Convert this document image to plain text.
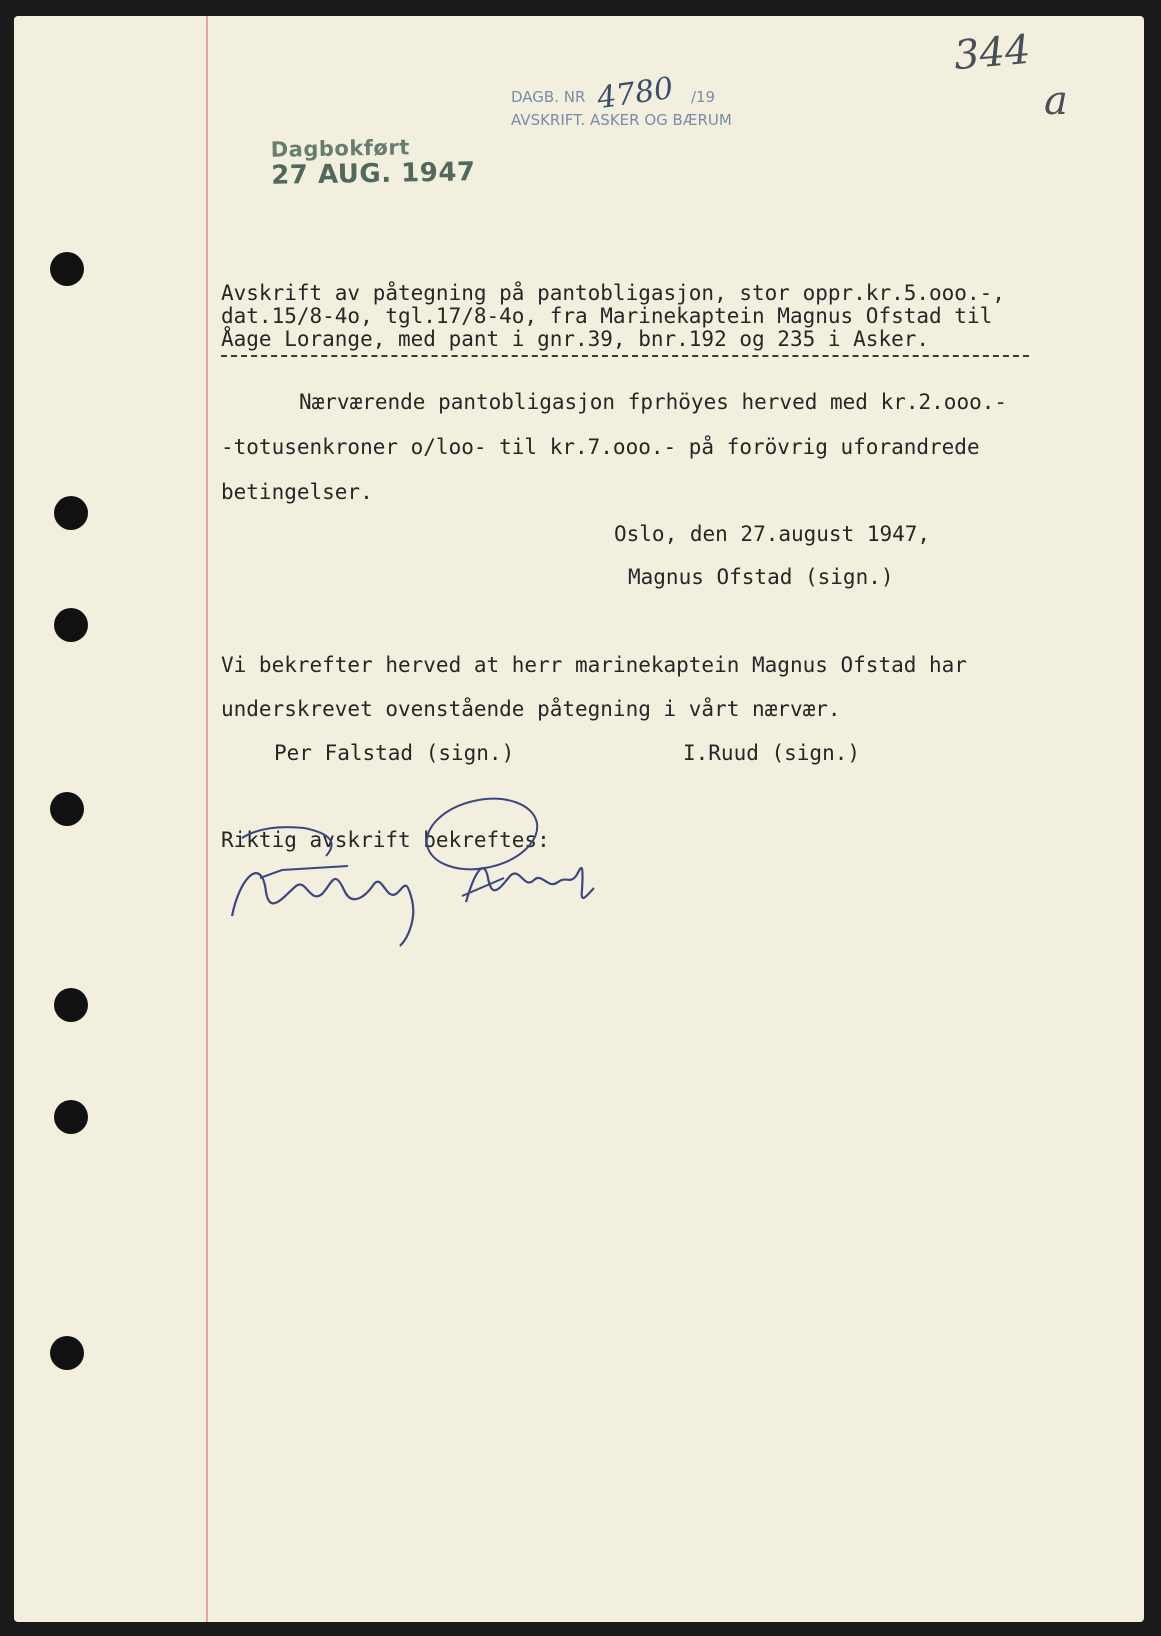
344
a
Dagbokført
27 AUG. 1947
DAGB. NR	/19
AVSKRIFT. ASKER OG BÆRUM
4780
Avskrift av påtegning på pantobligasjon, stor oppr.kr.5.ooo.-,
dat.15/8-4o, tgl.17/8-4o, fra Marinekaptein Magnus Ofstad til
Åage Lorange, med pant i gnr.39, bnr.192 og 235 i Asker.
Nærværende pantobligasjon fprhöyes herved med kr.2.ooo.-
-totusenkroner o/loo- til kr.7.ooo.- på forövrig uforandrede
betingelser.
Oslo, den 27.august 1947,
Magnus Ofstad (sign.)
Vi bekrefter herved at herr marinekaptein Magnus Ofstad har
underskrevet ovenstående påtegning i vårt nærvær.
Per Falstad (sign.)	I.Ruud (sign.)
Riktig avskrift bekreftes:
